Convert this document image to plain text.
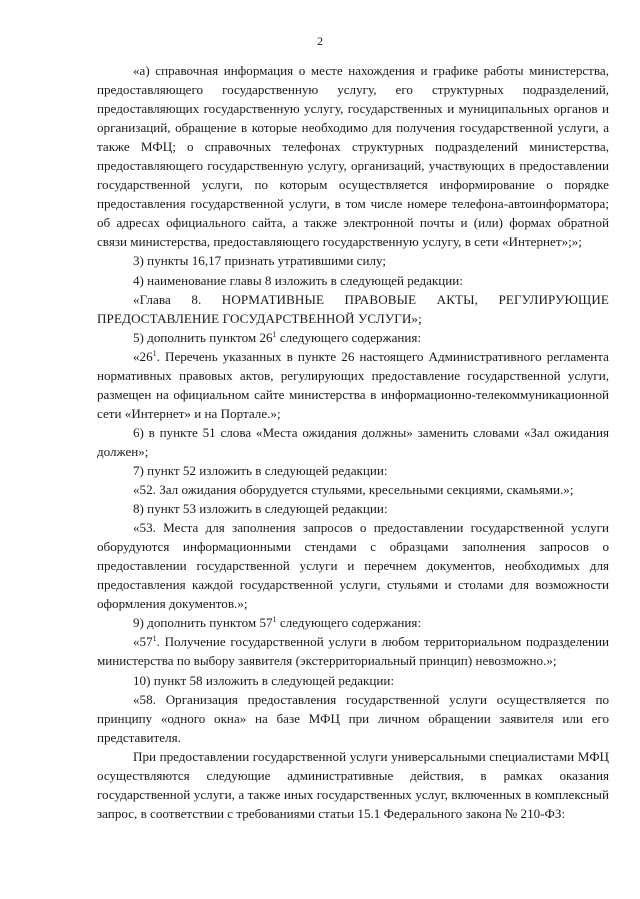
2

«а) справочная информация о месте нахождения и графике работы министерства, предоставляющего государственную услугу, его структурных подразделений, предоставляющих государственную услугу, государственных и муниципальных органов и организаций, обращение в которые необходимо для получения государственной услуги, а также МФЦ; о справочных телефонах структурных подразделений министерства, предоставляющего государственную услугу, организаций, участвующих в предоставлении государственной услуги, по которым осуществляется информирование о порядке предоставления государственной услуги, в том числе номере телефона-автоинформатора; об адресах официального сайта, а также электронной почты и (или) формах обратной связи министерства, предоставляющего государственную услугу, в сети «Интернет»;»;

3) пункты 16,17 признать утратившими силу;

4) наименование главы 8 изложить в следующей редакции:

«Глава 8. НОРМАТИВНЫЕ ПРАВОВЫЕ АКТЫ, РЕГУЛИРУЮЩИЕ ПРЕДОСТАВЛЕНИЕ ГОСУДАРСТВЕННОЙ УСЛУГИ»;

5) дополнить пунктом $26^1$ следующего содержания:

«$26^1$. Перечень указанных в пункте 26 настоящего Административного регламента нормативных правовых актов, регулирующих предоставление государственной услуги, размещен на официальном сайте министерства в информационно-телекоммуникационной сети «Интернет» и на Портале.»;

6) в пункте 51 слова «Места ожидания должны» заменить словами «Зал ожидания должен»;

7) пункт 52 изложить в следующей редакции:

«52. Зал ожидания оборудуется стульями, кресельными секциями, скамьями.»;

8) пункт 53 изложить в следующей редакции:

«53. Места для заполнения запросов о предоставлении государственной услуги оборудуются информационными стендами с образцами заполнения запросов о предоставлении государственной услуги и перечнем документов, необходимых для предоставления каждой государственной услуги, стульями и столами для возможности оформления документов.»;

9) дополнить пунктом $57^1$ следующего содержания:

«$57^1$. Получение государственной услуги в любом территориальном подразделении министерства по выбору заявителя (экстерриториальный принцип) невозможно.»;

10) пункт 58 изложить в следующей редакции:

«58. Организация предоставления государственной услуги осуществляется по принципу «одного окна» на базе МФЦ при личном обращении заявителя или его представителя.

При предоставлении государственной услуги универсальными специалистами МФЦ осуществляются следующие административные действия, в рамках оказания государственной услуги, а также иных государственных услуг, включенных в комплексный запрос, в соответствии с требованиями статьи 15.1 Федерального закона № 210-ФЗ:
